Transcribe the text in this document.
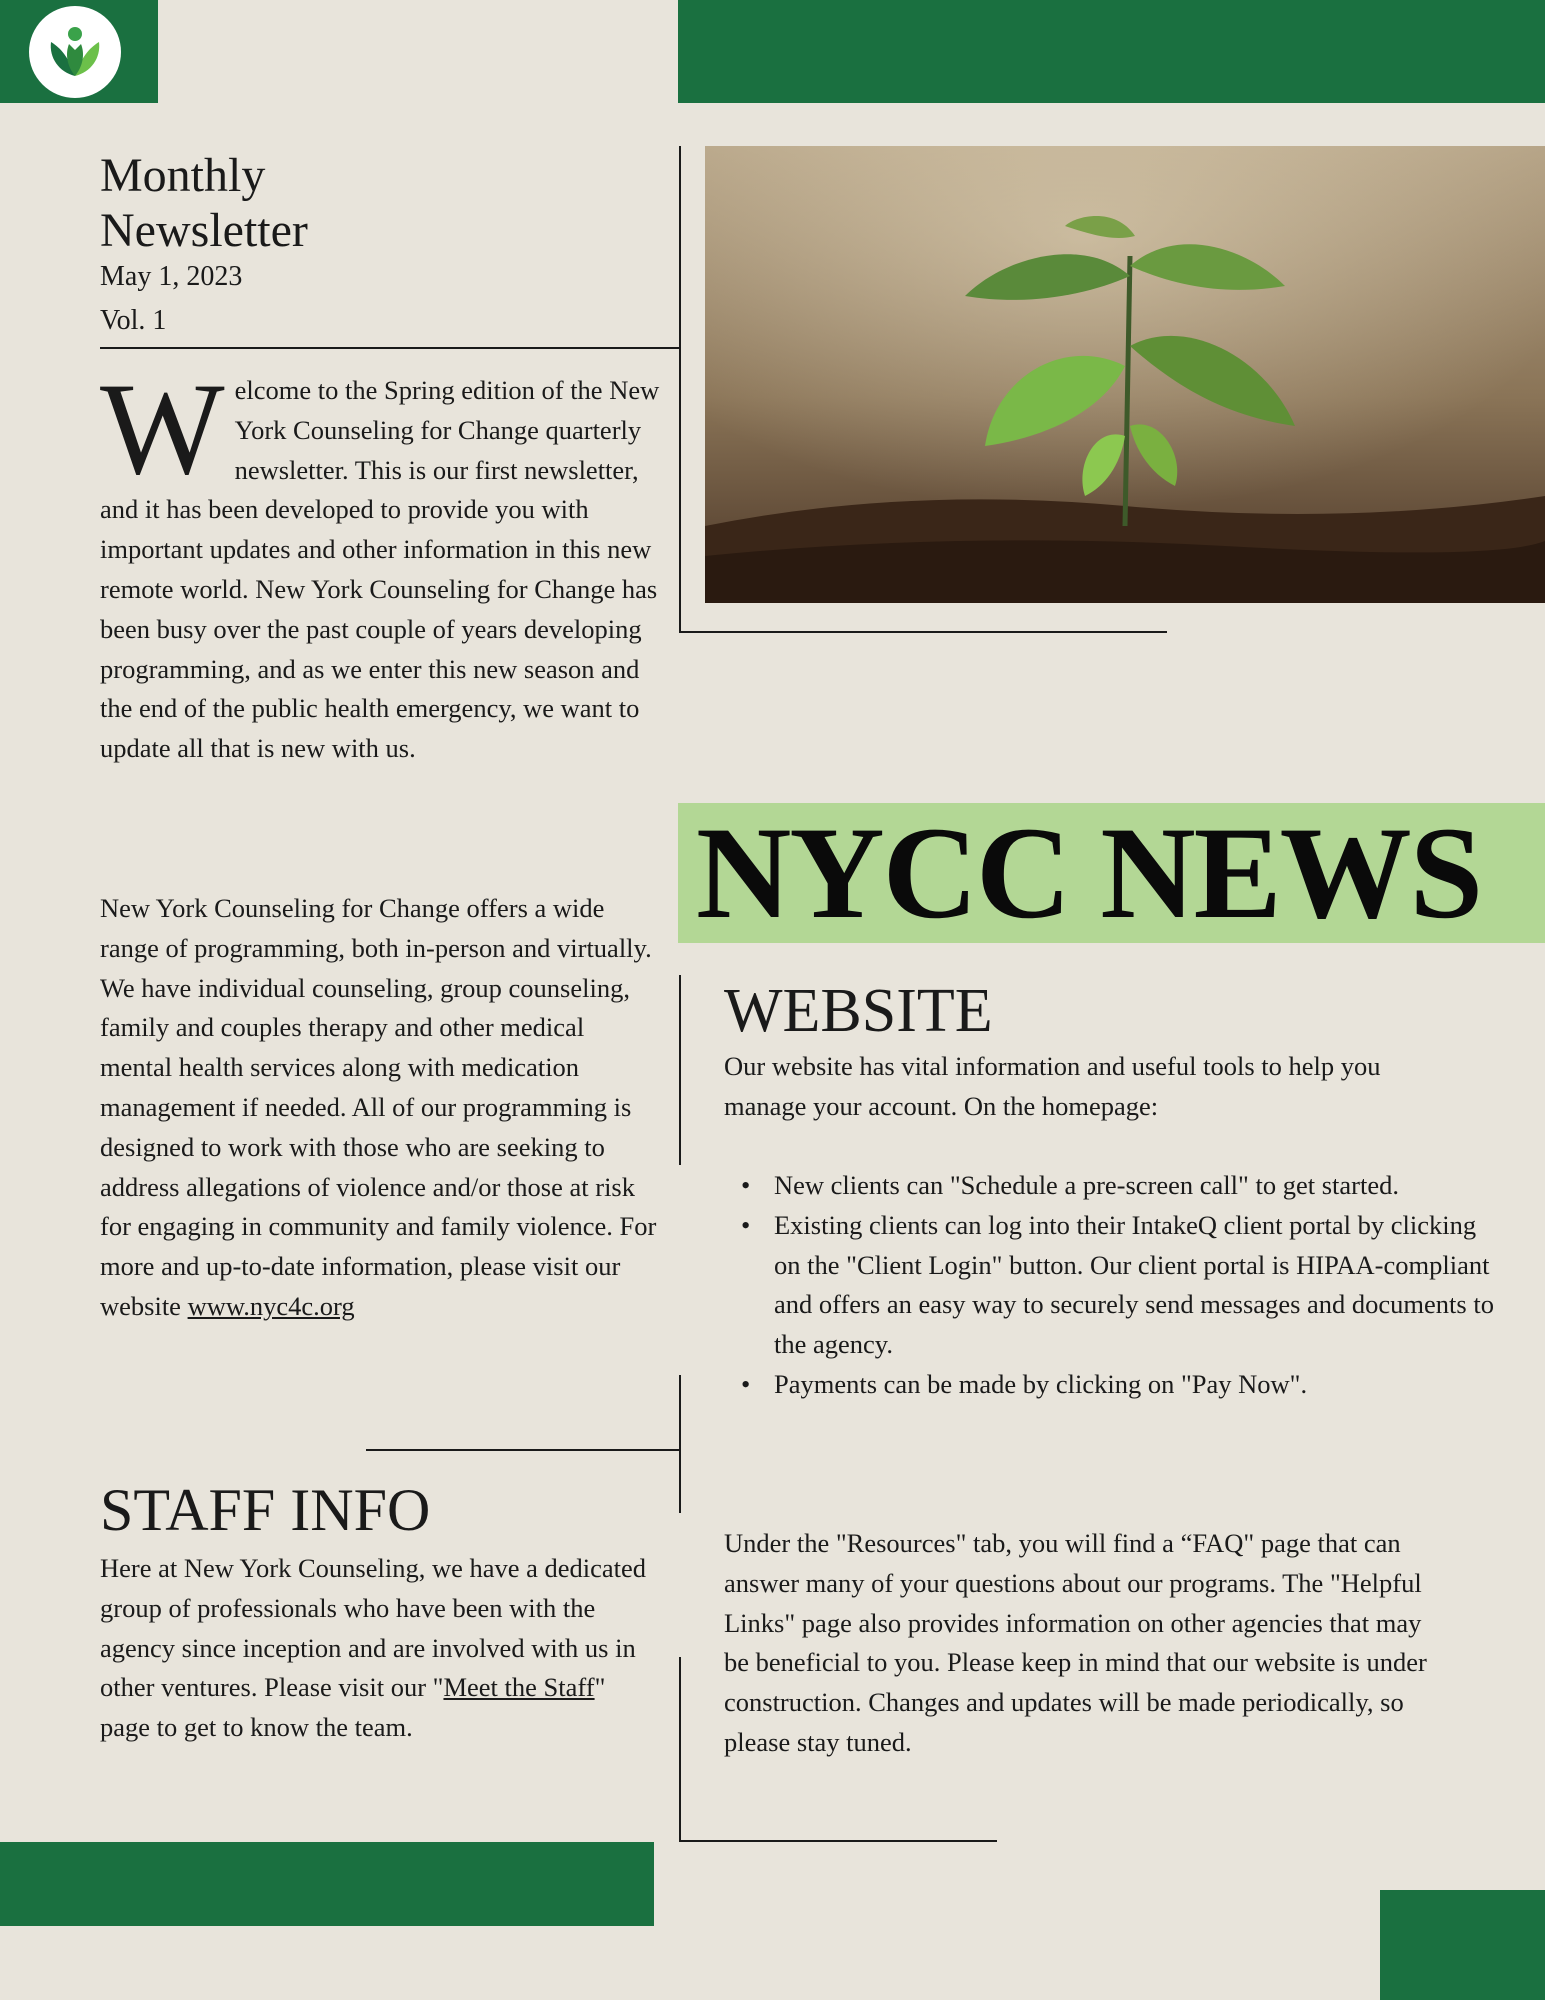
Monthly
Newsletter
May 1, 2023
Vol. 1
Welcome to the Spring edition of the New York Counseling for Change quarterly newsletter. This is our first newsletter, and it has been developed to provide you with important updates and other information in this new remote world. New York Counseling for Change has been busy over the past couple of years developing programming, and as we enter this new season and the end of the public health emergency, we want to update all that is new with us.
New York Counseling for Change offers a wide range of programming, both in-person and virtually. We have individual counseling, group counseling, family and couples therapy and other medical mental health services along with medication management if needed. All of our programming is designed to work with those who are seeking to address allegations of violence and/or those at risk for engaging in community and family violence. For more and up-to-date information, please visit our website www.nyc4c.org
STAFF INFO
Here at New York Counseling, we have a dedicated group of professionals who have been with the agency since inception and are involved with us in other ventures. Please visit our "Meet the Staff" page to get to know the team.
NYCC NEWS
WEBSITE
Our website has vital information and useful tools to help you manage your account. On the homepage:
• New clients can "Schedule a pre-screen call" to get started.
• Existing clients can log into their IntakeQ client portal by clicking on the "Client Login" button. Our client portal is HIPAA-compliant and offers an easy way to securely send messages and documents to the agency.
• Payments can be made by clicking on "Pay Now".
Under the "Resources" tab, you will find a “FAQ" page that can answer many of your questions about our programs. The "Helpful Links" page also provides information on other agencies that may be beneficial to you. Please keep in mind that our website is under construction. Changes and updates will be made periodically, so please stay tuned.
